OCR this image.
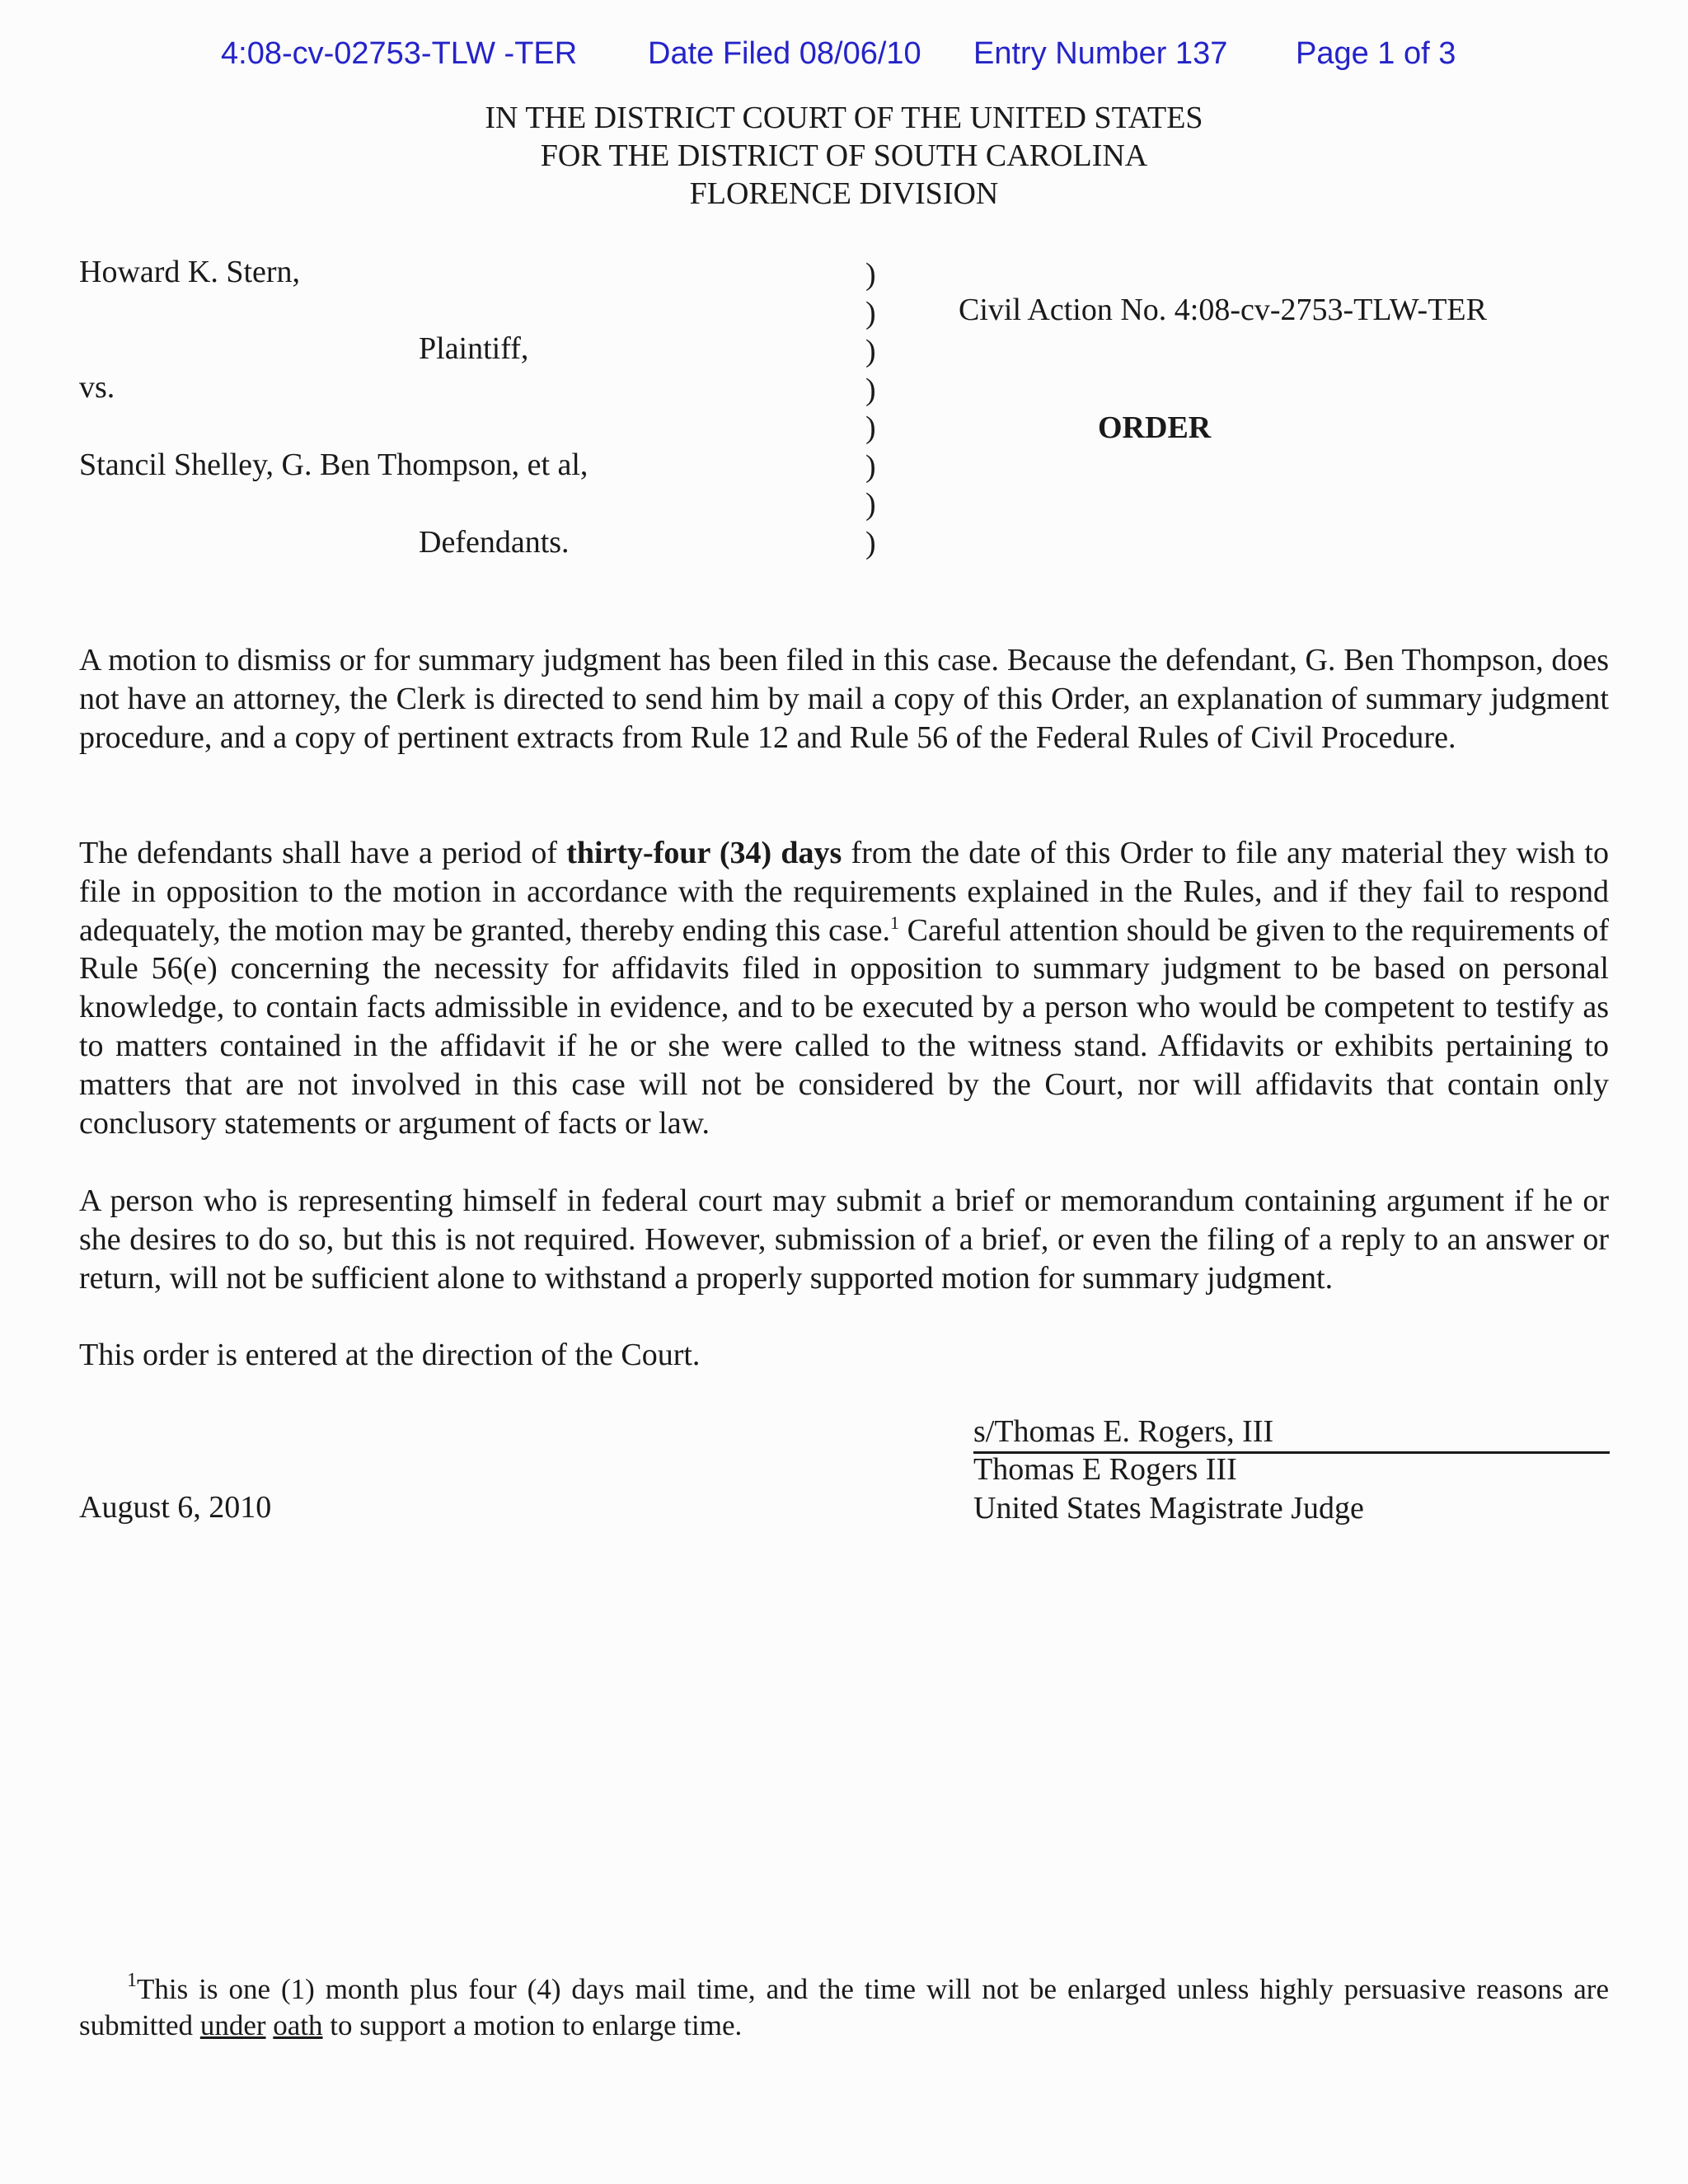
4:08-cv-02753-TLW -TER Date Filed 08/06/10 Entry Number 137 Page 1 of 3
IN THE DISTRICT COURT OF THE UNITED STATES
FOR THE DISTRICT OF SOUTH CAROLINA
FLORENCE DIVISION
Howard K. Stern,
Plaintiff,
vs.
Stancil Shelley, G. Ben Thompson, et al,
Defendants.
)
)
)
)
)
)
)
)
Civil Action No. 4:08-cv-2753-TLW-TER
ORDER
A motion to dismiss or for summary judgment has been filed in this case. Because the defendant, G. Ben Thompson, does not have an attorney, the Clerk is directed to send him by mail a copy of this Order, an explanation of summary judgment procedure, and a copy of pertinent extracts from Rule 12 and Rule 56 of the Federal Rules of Civil Procedure.
The defendants shall have a period of thirty-four (34) days from the date of this Order to file any material they wish to file in opposition to the motion in accordance with the requirements explained in the Rules, and if they fail to respond adequately, the motion may be granted, thereby ending this case.$^1$ Careful attention should be given to the requirements of Rule 56(e) concerning the necessity for affidavits filed in opposition to summary judgment to be based on personal knowledge, to contain facts admissible in evidence, and to be executed by a person who would be competent to testify as to matters contained in the affidavit if he or she were called to the witness stand. Affidavits or exhibits pertaining to matters that are not involved in this case will not be considered by the Court, nor will affidavits that contain only conclusory statements or argument of facts or law.
A person who is representing himself in federal court may submit a brief or memorandum containing argument if he or she desires to do so, but this is not required. However, submission of a brief, or even the filing of a reply to an answer or return, will not be sufficient alone to withstand a properly supported motion for summary judgment.
This order is entered at the direction of the Court.
s/Thomas E. Rogers, III
Thomas E Rogers III
United States Magistrate Judge
August 6, 2010
$^1$This is one (1) month plus four (4) days mail time, and the time will not be enlarged unless highly persuasive reasons are submitted under oath to support a motion to enlarge time.
